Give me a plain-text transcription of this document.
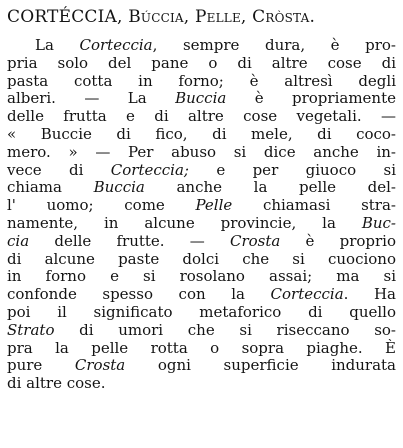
CORTÉCCIA, Búccia, Pelle, Cròsta.
La Corteccia, sempre dura, è pro-
pria solo del pane o di altre cose di
pasta cotta in forno; è altresì degli
alberi. — La Buccia è propriamente
delle frutta e di altre cose vegetali. —
« Buccie di fico, di mele, di coco-
mero. » — Per abuso si dice anche in-
vece di Corteccia; e per giuoco si
chiama Buccia anche la pelle del-
l' uomo; come Pelle chiamasi stra-
namente, in alcune provincie, la Buc-
cia delle frutte. — Crosta è proprio
di alcune paste dolci che si cuociono
in forno e si rosolano assai; ma si
confonde spesso con la Corteccia. Ha
poi il significato metaforico di quello
Strato di umori che si riseccano so-
pra la pelle rotta o sopra piaghe. È
pure Crosta ogni superficie indurata
di altre cose.
